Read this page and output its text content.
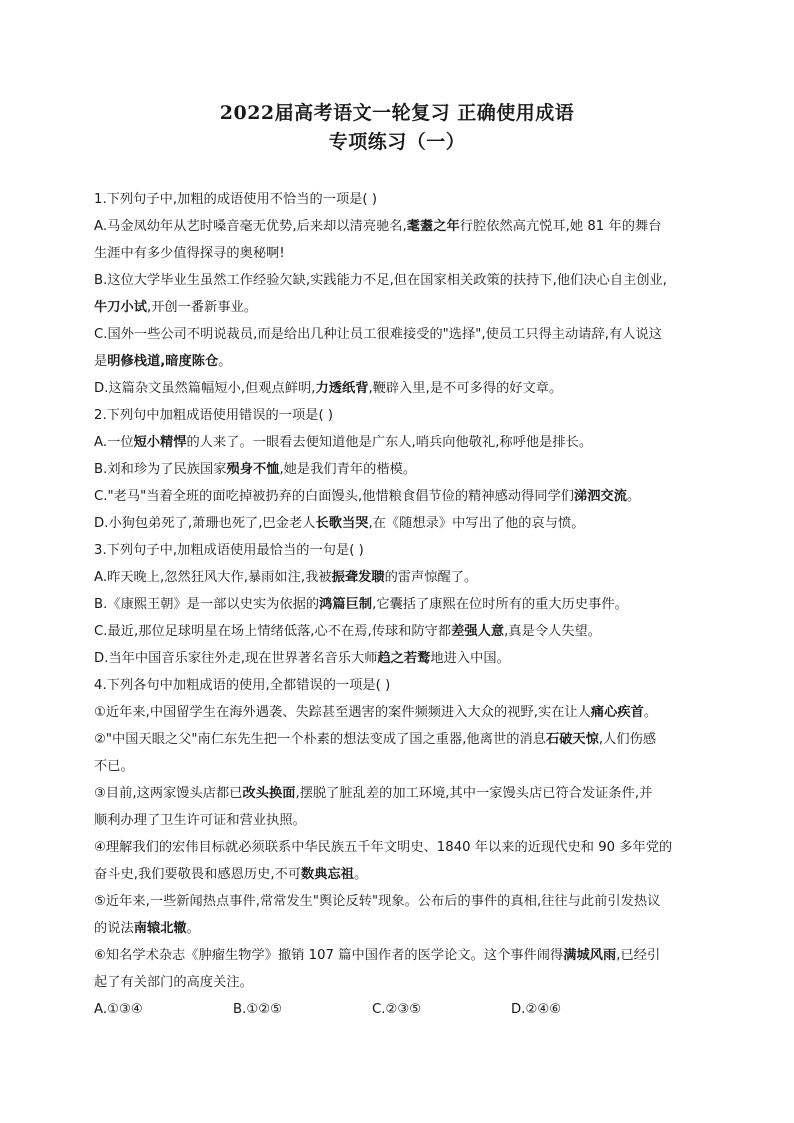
2022届高考语文一轮复习 正确使用成语
专项练习（一）
1.下列句子中,加粗的成语使用不恰当的一项是( )
A.马金凤幼年从艺时嗓音毫无优势,后来却以清亮驰名,耄耋之年行腔依然高亢悦耳,她 81 年的舞台
生涯中有多少值得探寻的奥秘啊!
B.这位大学毕业生虽然工作经验欠缺,实践能力不足,但在国家相关政策的扶持下,他们决心自主创业,
牛刀小试,开创一番新事业。
C.国外一些公司不明说裁员,而是给出几种让员工很难接受的"选择",使员工只得主动请辞,有人说这
是明修栈道,暗度陈仓。
D.这篇杂文虽然篇幅短小,但观点鲜明,力透纸背,鞭辟入里,是不可多得的好文章。
2.下列句中加粗成语使用错误的一项是( )
A.一位短小精悍的人来了。一眼看去便知道他是广东人,哨兵向他敬礼,称呼他是排长。
B.刘和珍为了民族国家殒身不恤,她是我们青年的楷模。
C."老马"当着全班的面吃掉被扔弃的白面馒头,他惜粮食倡节俭的精神感动得同学们涕泗交流。
D.小狗包弟死了,萧珊也死了,巴金老人长歌当哭,在《随想录》中写出了他的哀与愤。
3.下列句子中,加粗成语使用最恰当的一句是( )
A.昨天晚上,忽然狂风大作,暴雨如注,我被振聋发聩的雷声惊醒了。
B.《康熙王朝》是一部以史实为依据的鸿篇巨制,它囊括了康熙在位时所有的重大历史事件。
C.最近,那位足球明星在场上情绪低落,心不在焉,传球和防守都差强人意,真是令人失望。
D.当年中国音乐家往外走,现在世界著名音乐大师趋之若鹜地进入中国。
4.下列各句中加粗成语的使用,全都错误的一项是( )
①近年来,中国留学生在海外遇袭、失踪甚至遇害的案件频频进入大众的视野,实在让人痛心疾首。
②"中国天眼之父"南仁东先生把一个朴素的想法变成了国之重器,他离世的消息石破天惊,人们伤感
不已。
③目前,这两家馒头店都已改头换面,摆脱了脏乱差的加工环境,其中一家馒头店已符合发证条件,并
顺利办理了卫生许可证和营业执照。
④理解我们的宏伟目标就必须联系中华民族五千年文明史、1840 年以来的近现代史和 90 多年党的
奋斗史,我们要敬畏和感恩历史,不可数典忘祖。
⑤近年来,一些新闻热点事件,常常发生"舆论反转"现象。公布后的事件的真相,往往与此前引发热议
的说法南辕北辙。
⑥知名学术杂志《肿瘤生物学》撤销 107 篇中国作者的医学论文。这个事件闹得满城风雨,已经引
起了有关部门的高度关注。
A.①③④	B.①②⑤	C.②③⑤	D.②④⑥
